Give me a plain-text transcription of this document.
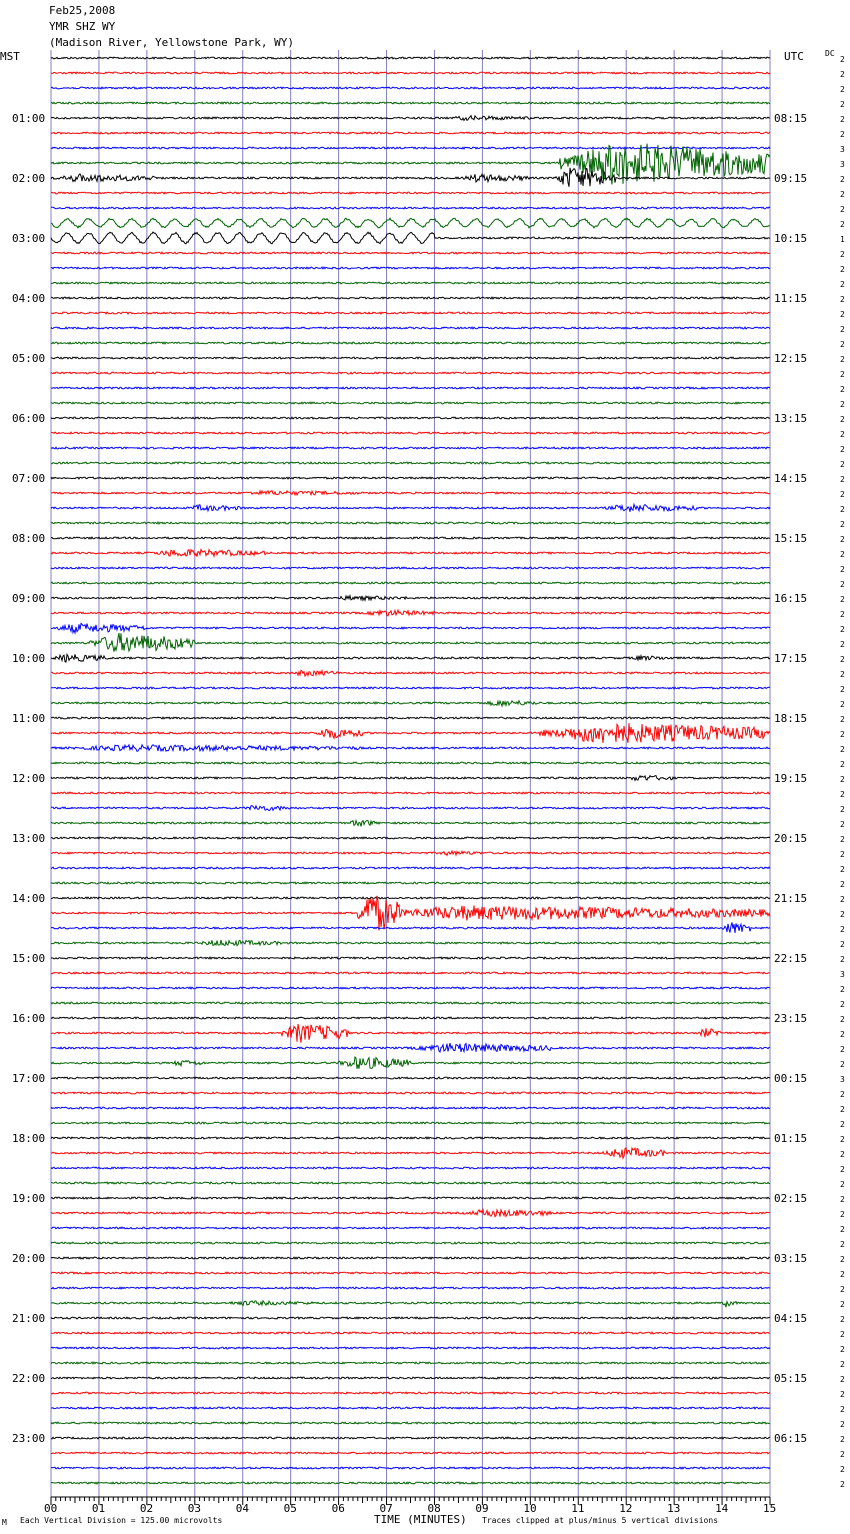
Feb25,2008
YMR SHZ WY
(Madison River, Yellowstone Park, WY)
2
2
2
2
2
2
3
3
2
2
2
2
1
2
2
2
2
2
2
2
2
2
2
2
2
2
2
2
2
2
2
2
2
2
2
2
2
2
2
2
2
2
2
2
2
2
2
2
2
2
2
2
2
2
2
2
2
2
2
2
2
3
2
2
2
2
2
2
3
2
2
2
2
2
2
2
2
2
2
2
2
2
2
2
2
2
2
2
2
2
2
2
2
2
2
2
01:00
02:00
03:00
04:00
05:00
06:00
07:00
08:00
09:00
10:00
11:00
12:00
13:00
14:00
15:00
16:00
17:00
18:00
19:00
20:00
21:00
22:00
23:00
08:15
09:15
10:15
11:15
12:15
13:15
14:15
15:15
16:15
17:15
18:15
19:15
20:15
21:15
22:15
23:15
00:15
01:15
02:15
03:15
04:15
05:15
06:15
00	01	02	03	04	05	06	07	08	09	10	11	12	13	14	15
MST	UTC	DC
TIME (MINUTES)
Each Vertical Division = 125.00 microvolts	Traces clipped at plus/minus 5 vertical divisions
M
